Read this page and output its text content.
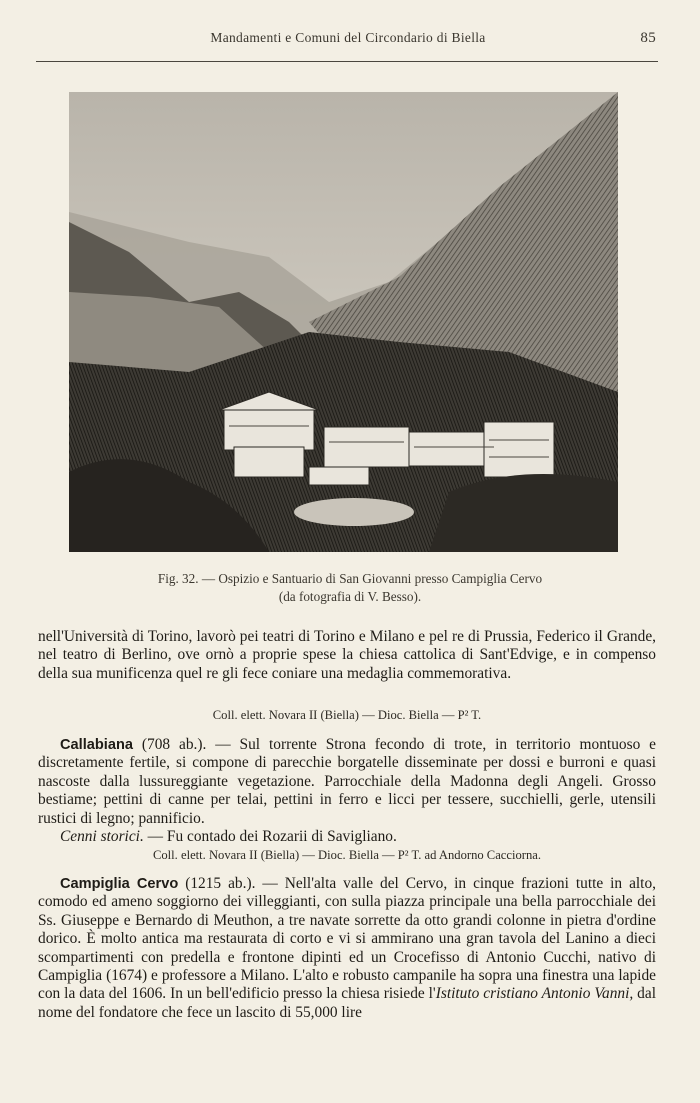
Mandamenti e Comuni del Circondario di Biella	85
Fig. 32. — Ospizio e Santuario di San Giovanni presso Campiglia Cervo
(da fotografia di V. Besso).

nell'Università di Torino, lavorò pei teatri di Torino e Milano e pel re di Prussia, Federico il Grande, nel teatro di Berlino, ove ornò a proprie spese la chiesa cattolica di Sant'Edvige, e in compenso della sua munificenza quel re gli fece coniare una medaglia commemorativa.

Coll. elett. Novara II (Biella) — Dioc. Biella — P² T.

Callabiana (708 ab.). — Sul torrente Strona fecondo di trote, in territorio montuoso e discretamente fertile, si compone di parecchie borgatelle disseminate per dossi e burroni e quasi nascoste dalla lussureggiante vegetazione. Parrocchiale della Madonna degli Angeli. Grosso bestiame; pettini di canne per telai, pettini in ferro e licci per tessere, succhielli, gerle, utensili rustici di legno; pannificio.

Cenni storici. — Fu contado dei Rozarii di Savigliano.

Coll. elett. Novara II (Biella) — Dioc. Biella — P² T. ad Andorno Cacciorna.

Campiglia Cervo (1215 ab.). — Nell'alta valle del Cervo, in cinque frazioni tutte in alto, comodo ed ameno soggiorno dei villeggianti, con sulla piazza principale una bella parrocchiale dei Ss. Giuseppe e Bernardo di Meuthon, a tre navate sorrette da otto grandi colonne in pietra d'ordine dorico. È molto antica ma restaurata di corto e vi si ammirano una gran tavola del Lanino a dieci scompartimenti con predella e frontone dipinti ed un Crocefisso di Antonio Cucchi, nativo di Campiglia (1674) e professore a Milano. L'alto e robusto campanile ha sopra una finestra una lapide con la data del 1606. In un bell'edificio presso la chiesa risiede l'Istituto cristiano Antonio Vanni, dal nome del fondatore che fece un lascito di 55,000 lire
